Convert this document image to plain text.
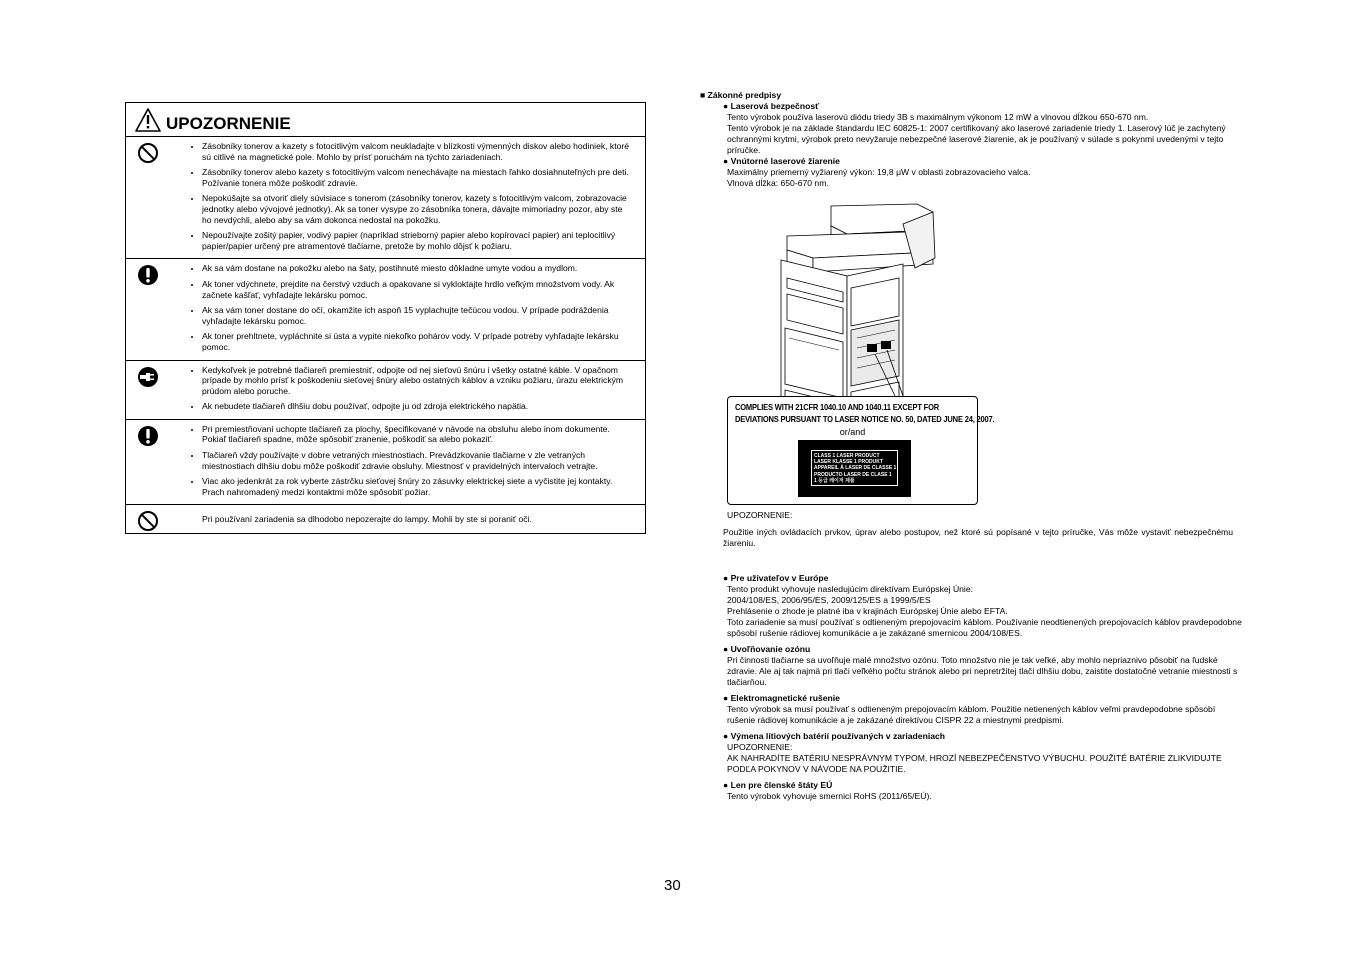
UPOZORNENIE
• Zásobníky tonerov a kazety s fotocitlivým valcom neukladajte v blízkosti výmenných diskov alebo hodiniek, ktoré sú citlivé na magnetické pole. Mohlo by prísť poruchám na týchto zariadeniach.
• Zásobníky tonerov alebo kazety s fotocitlivým valcom nenechávajte na miestach ľahko dosiahnuteľných pre deti. Požívanie tonera môže poškodiť zdravie.
• Nepokúšajte sa otvoriť diely súvisiace s tonerom (zásobníky tonerov, kazety s fotocitlivým valcom, zobrazovacie jednotky alebo vývojové jednotky). Ak sa toner vysype zo zásobníka tonera, dávajte mimoriadny pozor, aby ste ho nevdýchli, alebo aby sa vám dokonca nedostal na pokožku.
• Nepoužívajte zošitý papier, vodivý papier (napríklad strieborný papier alebo kopírovací papier) ani teplocitlivý papier/papier určený pre atramentové tlačiarne, pretože by mohlo dôjsť k požiaru.
• Ak sa vám dostane na pokožku alebo na šaty, postihnuté miesto dôkladne umyte vodou a mydlom.
• Ak toner vdýchnete, prejdite na čerstvý vzduch a opakovane si vykloktajte hrdlo veľkým množstvom vody. Ak začnete kašľať, vyhľadajte lekársku pomoc.
• Ak sa vám toner dostane do očí, okamžite ich aspoň 15 vyplachujte tečúcou vodou. V prípade podráždenia vyhľadajte lekársku pomoc.
• Ak toner prehltnete, vypláchnite si ústa a vypite niekoľko pohárov vody. V prípade potreby vyhľadajte lekársku pomoc.
• Kedykoľvek je potrebné tlačiareň premiestniť, odpojte od nej sieťovú šnúru i všetky ostatné káble. V opačnom prípade by mohlo prísť k poškodeniu sieťovej šnúry alebo ostatných káblov a vzniku požiaru, úrazu elektrickým prúdom alebo poruche.
• Ak nebudete tlačiareň dlhšiu dobu používať, odpojte ju od zdroja elektrického napätia.
• Pri premiestňovaní uchopte tlačiareň za plochy, špecifikované v návode na obsluhu alebo inom dokumente. Pokiaľ tlačiareň spadne, môže spôsobiť zranenie, poškodiť sa alebo pokaziť.
• Tlačiareň vždy používajte v dobre vetraných miestnostiach. Prevádzkovanie tlačiarne v zle vetraných miestnostiach dlhšiu dobu môže poškodiť zdravie obsluhy. Miestnosť v pravidelných intervaloch vetrajte.
• Viac ako jedenkrát za rok vyberte zástrčku sieťovej šnúry zo zásuvky elektrickej siete a vyčistite jej kontakty. Prach nahromadený medzi kontaktmi môže spôsobiť požiar.
Pri používaní zariadenia sa dlhodobo nepozerajte do lampy. Mohli by ste si poraniť oči.

■ Zákonné predpisy

● Laserová bezpečnosť

Tento výrobok používa laserovú diódu triedy 3B s maximálnym výkonom 12 mW a vlnovou dĺžkou 650-670 nm.

Tento výrobok je na základe štandardu IEC 60825-1: 2007 certifikovaný ako laserové zariadenie triedy 1. Laserový lúč je zachytený ochrannými krytmi, výrobok preto nevyžaruje nebezpečné laserové žiarenie, ak je používaný v súlade s pokynmi uvedenými v tejto príručke.

● Vnútorné laserové žiarenie

Maximálny priemerný vyžiarený výkon: 19,8 μW v oblasti zobrazovacieho valca.

Vlnová dĺžka: 650-670 nm.

COMPLIES WITH 21CFR 1040.10 AND 1040.11 EXCEPT FOR
DEVIATIONS PURSUANT TO LASER NOTICE NO. 50, DATED JUNE 24, 2007.
or/and
CLASS 1 LASER PRODUCT
LASER KLASSE 1 PRODUKT
APPAREIL À LASER DE CLASSE 1
PRODUCTO LASER DE CLASE 1
1 등급 레이저 제품
UPOZORNENIE:
Použitie iných ovládacích prvkov, úprav alebo postupov, než ktoré sú popísané v tejto príručke, Vás môže vystaviť nebezpečnému žiareniu.

● Pre užívateľov v Európe

Tento produkt vyhovuje nasledujúcim direktívam Európskej Únie:

2004/108/ES, 2006/95/ES, 2009/125/ES a 1999/5/ES

Prehlásenie o zhode je platné iba v krajinách Európskej Únie alebo EFTA.

Toto zariadenie sa musí používať s odtieneným prepojovacím káblom. Používanie neodtienených prepojovacích káblov pravdepodobne spôsobí rušenie rádiovej komunikácie a je zakázané smernicou 2004/108/ES.

● Uvoľňovanie ozónu

Pri činnosti tlačiarne sa uvoľňuje malé množstvo ozónu. Toto množstvo nie je tak veľké, aby mohlo nepriaznivo pôsobiť na ľudské zdravie. Ale aj tak najmä pri tlači veľkého počtu stránok alebo pri nepretržitej tlači dlhšiu dobu, zaistite dostatočné vetranie miestnosti s tlačiarňou.

● Elektromagnetické rušenie

Tento výrobok sa musí používať s odtieneným prepojovacím káblom. Použitie netienených káblov veľmi pravdepodobne spôsobí rušenie rádiovej komunikácie a je zakázané direktívou CISPR 22 a miestnymi predpismi.

● Výmena lítiových batérií používaných v zariadeniach

UPOZORNENIE:

AK NAHRADÍTE BATÉRIU NESPRÁVNYM TYPOM, HROZÍ NEBEZPEČENSTVO VÝBUCHU. POUŽITÉ BATÉRIE ZLIKVIDUJTE PODĽA POKYNOV V NÁVODE NA POUŽITIE.

● Len pre členské štáty EÚ

Tento výrobok vyhovuje smernici RoHS (2011/65/EÚ).

30
